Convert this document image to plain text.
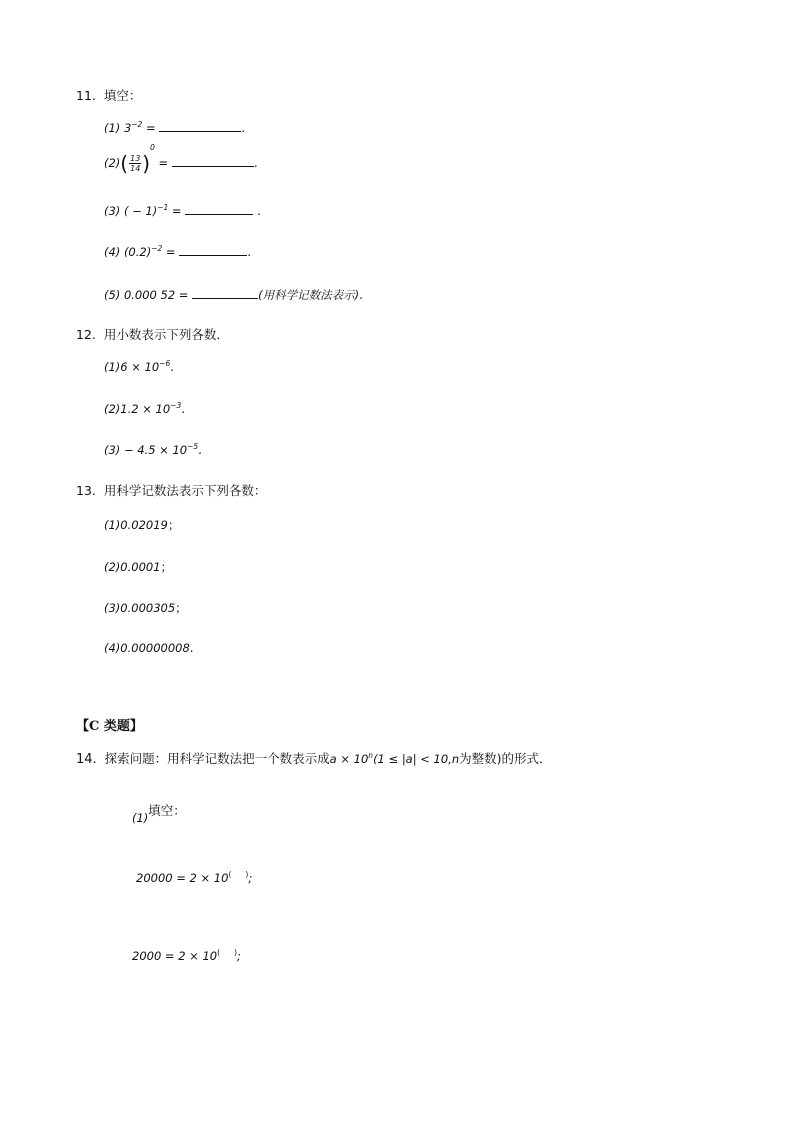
11. 填空：
(1) $3^{-2}$ =	.
$(2)( \frac{13}{14} )^0$ =	.
(3) ( − 1)$^{-1}$ =	.
(4) $(0.2)^{-2}$ =	.
(5) 0.000 52 =	(用科学记数法表示).
12. 用小数表示下列各数．
$(1)6 \times 10^{-6}$.
$(2)1.2 \times 10^{-3}$.
$(3) - 4.5 \times 10^{-5}$.
13. 用科学记数法表示下列各数：
(1)0.02019；
(2)0.0001；
(3)0.000305；
(4)0.00000008.
【C 类题】
14. 探索问题：用科学记数法把一个数表示成$a \times 10^n(1 \le |a| < 10,n$为整数)的形式．
$_{(1)}$填空：
20000 = 2 × 10( );
2000 = 2 × 10( );
